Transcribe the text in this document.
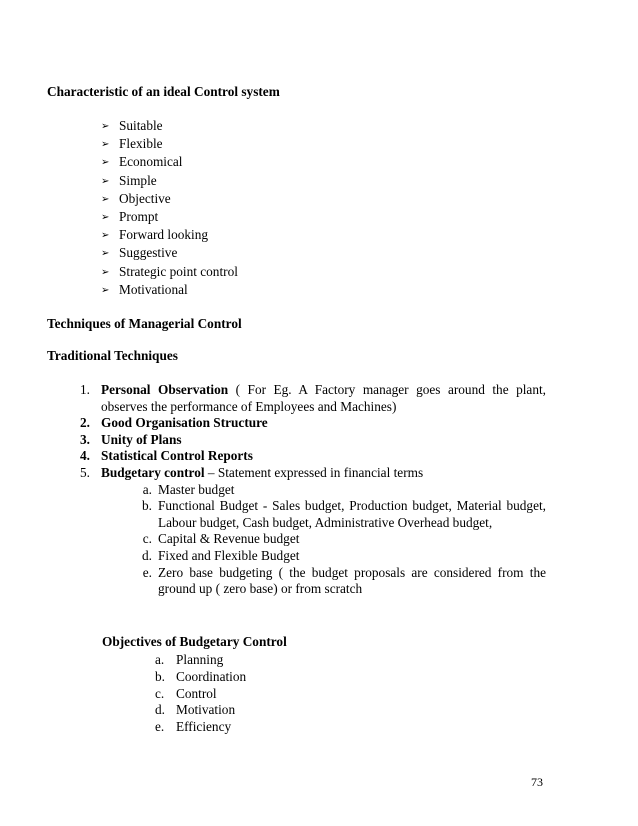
Characteristic of an ideal Control system
➢ Suitable
➢ Flexible
➢ Economical
➢ Simple
➢ Objective
➢ Prompt
➢ Forward looking
➢ Suggestive
➢ Strategic point control
➢ Motivational
Techniques of Managerial Control
Traditional Techniques
1. Personal Observation ( For Eg. A Factory manager goes around the plant, observes the performance of Employees and Machines)
2. Good Organisation Structure
3. Unity of Plans
4. Statistical Control Reports
5. Budgetary control – Statement expressed in financial terms
a. Master budget
b. Functional Budget - Sales budget, Production budget, Material budget, Labour budget, Cash budget, Administrative Overhead budget,
c. Capital & Revenue budget
d. Fixed and Flexible Budget
e. Zero base budgeting ( the budget proposals are considered from the ground up ( zero base) or from scratch
Objectives of Budgetary Control
a. Planning
b. Coordination
c. Control
d. Motivation
e. Efficiency
73
